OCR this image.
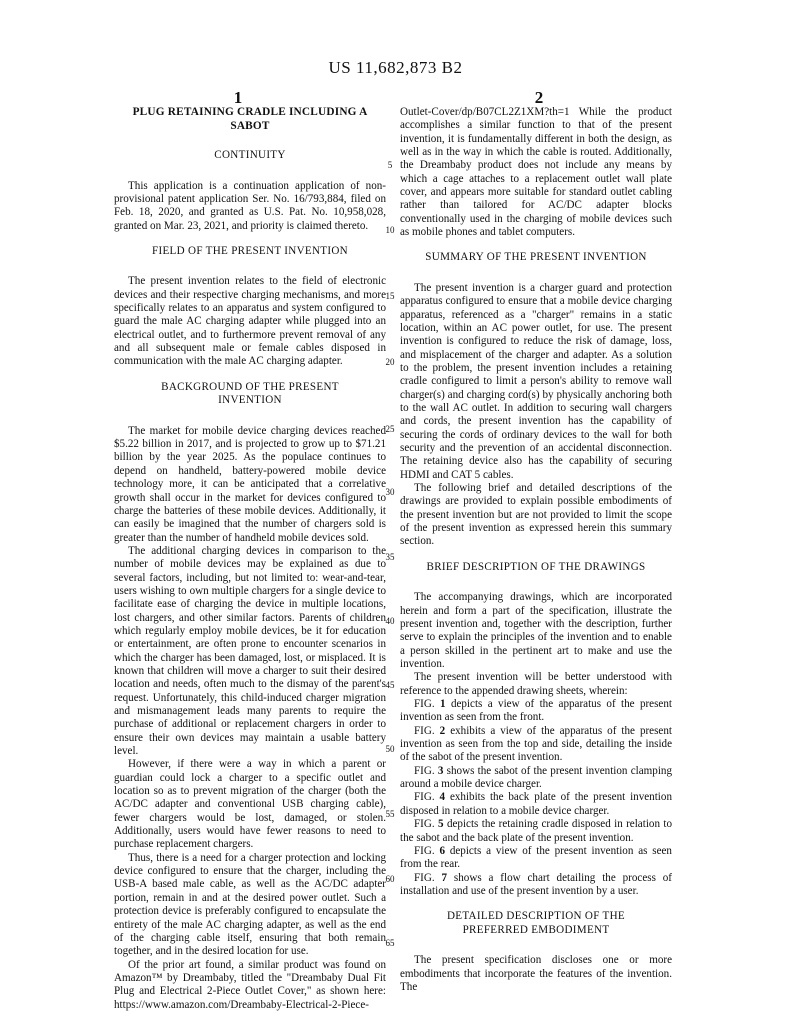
US 11,682,873 B2
1	2

PLUG RETAINING CRADLE INCLUDING A SABOT

CONTINUITY

This application is a continuation application of non-provisional patent application Ser. No. 16/793,884, filed on Feb. 18, 2020, and granted as U.S. Pat. No. 10,958,028, granted on Mar. 23, 2021, and priority is claimed thereto.

FIELD OF THE PRESENT INVENTION

The present invention relates to the field of electronic devices and their respective charging mechanisms, and more specifically relates to an apparatus and system configured to guard the male AC charging adapter while plugged into an electrical outlet, and to furthermore prevent removal of any and all subsequent male or female cables disposed in communication with the male AC charging adapter.

BACKGROUND OF THE PRESENT
INVENTION

The market for mobile device charging devices reached $5.22 billion in 2017, and is projected to grow up to $71.21 billion by the year 2025. As the populace continues to depend on handheld, battery-powered mobile device technology more, it can be anticipated that a correlative growth shall occur in the market for devices configured to charge the batteries of these mobile devices. Additionally, it can easily be imagined that the number of chargers sold is greater than the number of handheld mobile devices sold.

The additional charging devices in comparison to the number of mobile devices may be explained as due to several factors, including, but not limited to: wear-and-tear, users wishing to own multiple chargers for a single device to facilitate ease of charging the device in multiple locations, lost chargers, and other similar factors. Parents of children which regularly employ mobile devices, be it for education or entertainment, are often prone to encounter scenarios in which the charger has been damaged, lost, or misplaced. It is known that children will move a charger to suit their desired location and needs, often much to the dismay of the parent's request. Unfortunately, this child-induced charger migration and mismanagement leads many parents to require the purchase of additional or replacement chargers in order to ensure their own devices may maintain a usable battery level.

However, if there were a way in which a parent or guardian could lock a charger to a specific outlet and location so as to prevent migration of the charger (both the AC/DC adapter and conventional USB charging cable), fewer chargers would be lost, damaged, or stolen. Additionally, users would have fewer reasons to need to purchase replacement chargers.

Thus, there is a need for a charger protection and locking device configured to ensure that the charger, including the USB-A based male cable, as well as the AC/DC adapter portion, remain in and at the desired power outlet. Such a protection device is preferably configured to encapsulate the entirety of the male AC charging adapter, as well as the end of the charging cable itself, ensuring that both remain together, and in the desired location for use.

Of the prior art found, a similar product was found on Amazon™ by Dreambaby, titled the "Dreambaby Dual Fit Plug and Electrical 2-Piece Outlet Cover," as shown here: https://www.amazon.com/Dreambaby-Electrical-2-Piece-

Outlet-Cover/dp/B07CL2Z1XM?th=1 While the product accomplishes a similar function to that of the present invention, it is fundamentally different in both the design, as well as in the way in which the cable is routed. Additionally, the Dreambaby product does not include any means by which a cage attaches to a replacement outlet wall plate cover, and appears more suitable for standard outlet cabling rather than tailored for AC/DC adapter blocks conventionally used in the charging of mobile devices such as mobile phones and tablet computers.

SUMMARY OF THE PRESENT INVENTION

The present invention is a charger guard and protection apparatus configured to ensure that a mobile device charging apparatus, referenced as a "charger" remains in a static location, within an AC power outlet, for use. The present invention is configured to reduce the risk of damage, loss, and misplacement of the charger and adapter. As a solution to the problem, the present invention includes a retaining cradle configured to limit a person's ability to remove wall charger(s) and charging cord(s) by physically anchoring both to the wall AC outlet. In addition to securing wall chargers and cords, the present invention has the capability of securing the cords of ordinary devices to the wall for both security and the prevention of an accidental disconnection. The retaining device also has the capability of securing HDMI and CAT 5 cables.

The following brief and detailed descriptions of the drawings are provided to explain possible embodiments of the present invention but are not provided to limit the scope of the present invention as expressed herein this summary section.

BRIEF DESCRIPTION OF THE DRAWINGS

The accompanying drawings, which are incorporated herein and form a part of the specification, illustrate the present invention and, together with the description, further serve to explain the principles of the invention and to enable a person skilled in the pertinent art to make and use the invention.

The present invention will be better understood with reference to the appended drawing sheets, wherein:

FIG. 1 depicts a view of the apparatus of the present invention as seen from the front.

FIG. 2 exhibits a view of the apparatus of the present invention as seen from the top and side, detailing the inside of the sabot of the present invention.

FIG. 3 shows the sabot of the present invention clamping around a mobile device charger.

FIG. 4 exhibits the back plate of the present invention disposed in relation to a mobile device charger.

FIG. 5 depicts the retaining cradle disposed in relation to the sabot and the back plate of the present invention.

FIG. 6 depicts a view of the present invention as seen from the rear.

FIG. 7 shows a flow chart detailing the process of installation and use of the present invention by a user.

DETAILED DESCRIPTION OF THE
PREFERRED EMBODIMENT

The present specification discloses one or more embodiments that incorporate the features of the invention. The

5
10
15
20
25
30
35
40
45
50
55
60
65
